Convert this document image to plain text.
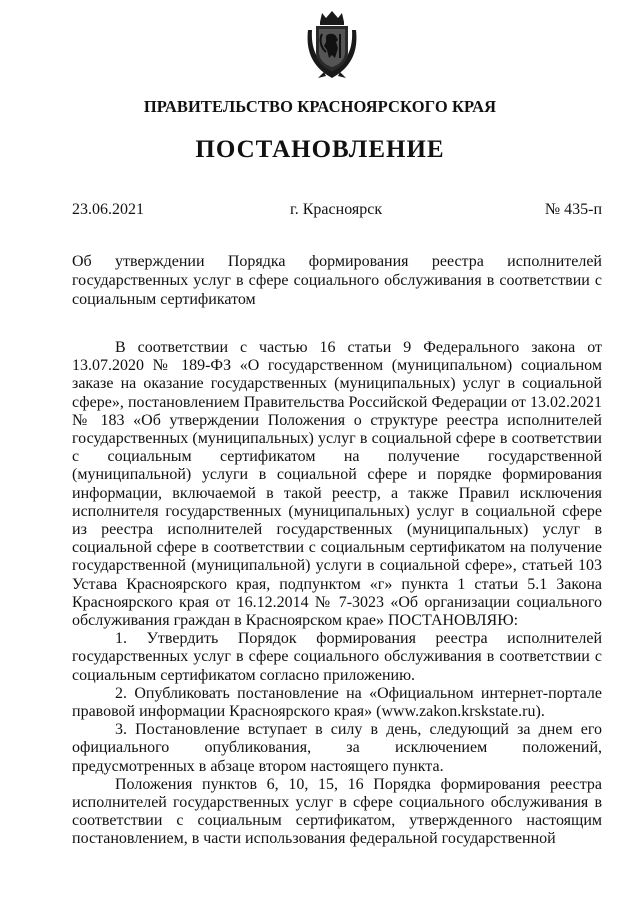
ПРАВИТЕЛЬСТВО КРАСНОЯРСКОГО КРАЯ
ПОСТАНОВЛЕНИЕ
23.06.2021	г. Красноярск	№ 435-п
Об утверждении Порядка формирования реестра исполнителей государственных услуг в сфере социального обслуживания в соответствии с социальным сертификатом

В соответствии с частью 16 статьи 9 Федерального закона от 13.07.2020 № 189-ФЗ «О государственном (муниципальном) социальном заказе на оказание государственных (муниципальных) услуг в социальной сфере», постановлением Правительства Российской Федерации от 13.02.2021 № 183 «Об утверждении Положения о структуре реестра исполнителей государственных (муниципальных) услуг в социальной сфере в соответствии с социальным сертификатом на получение государственной (муниципальной) услуги в социальной сфере и порядке формирования информации, включаемой в такой реестр, а также Правил исключения исполнителя государственных (муниципальных) услуг в социальной сфере из реестра исполнителей государственных (муниципальных) услуг в социальной сфере в соответствии с социальным сертификатом на получение государственной (муниципальной) услуги в социальной сфере», статьей 103 Устава Красноярского края, подпунктом «г» пункта 1 статьи 5.1 Закона Красноярского края от 16.12.2014 № 7-3023 «Об организации социального обслуживания граждан в Красноярском крае» ПОСТАНОВЛЯЮ:

1. Утвердить Порядок формирования реестра исполнителей государственных услуг в сфере социального обслуживания в соответствии с социальным сертификатом согласно приложению.

2. Опубликовать постановление на «Официальном интернет-портале правовой информации Красноярского края» (www.zakon.krskstate.ru).

3. Постановление вступает в силу в день, следующий за днем его официального опубликования, за исключением положений, предусмотренных в абзаце втором настоящего пункта.

Положения пунктов 6, 10, 15, 16 Порядка формирования реестра исполнителей государственных услуг в сфере социального обслуживания в соответствии с социальным сертификатом, утвержденного настоящим постановлением, в части использования федеральной государственной
